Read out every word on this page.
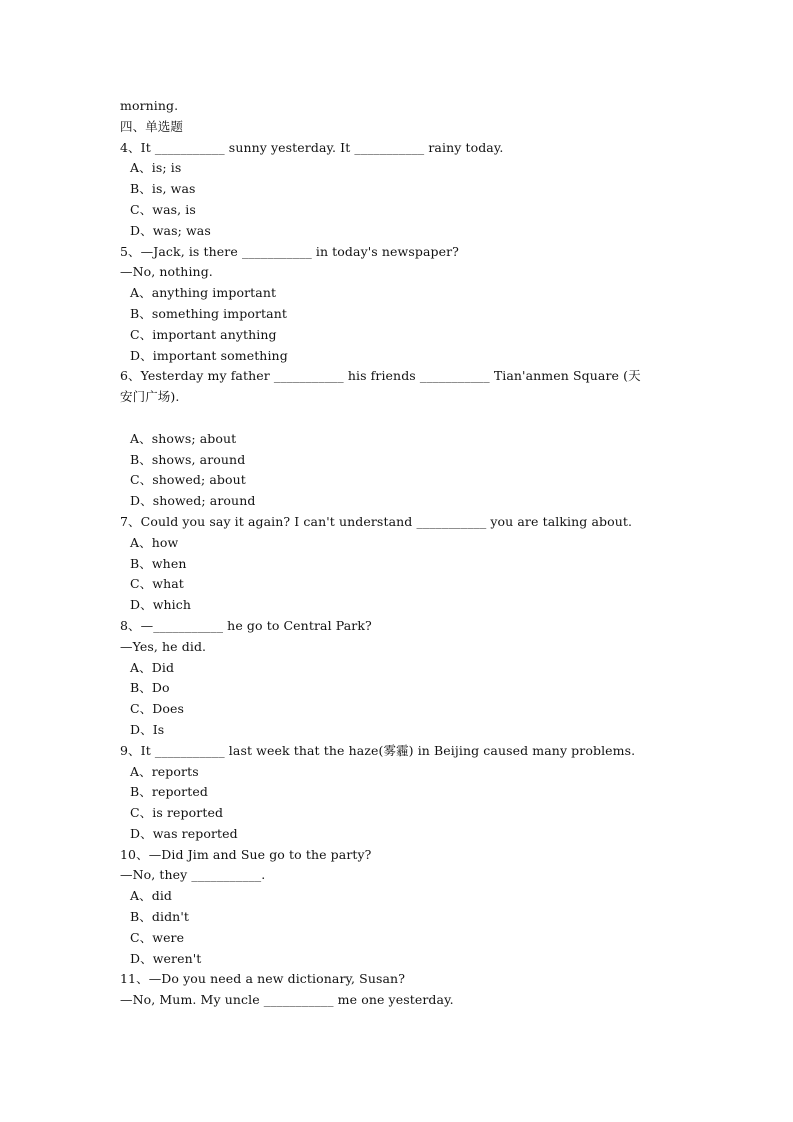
morning.
四、单选题
4、It ___________ sunny yesterday. It ___________ rainy today.
A、is; is
B、is, was
C、was, is
D、was; was
5、—Jack, is there ___________ in today's newspaper?
—No, nothing.
A、anything important
B、something important
C、important anything
D、important something
6、Yesterday my father ___________ his friends ___________ Tian'anmen Square (天
安门广场).
A、shows; about
B、shows, around
C、showed; about
D、showed; around
7、Could you say it again? I can't understand ___________ you are talking about.
A、how
B、when
C、what
D、which
8、—___________ he go to Central Park?
—Yes, he did.
A、Did
B、Do
C、Does
D、Is
9、It ___________ last week that the haze(雾霾) in Beijing caused many problems.
A、reports
B、reported
C、is reported
D、was reported
10、—Did Jim and Sue go to the party?
—No, they ___________.
A、did
B、didn't
C、were
D、weren't
11、—Do you need a new dictionary, Susan?
—No, Mum. My uncle ___________ me one yesterday.
